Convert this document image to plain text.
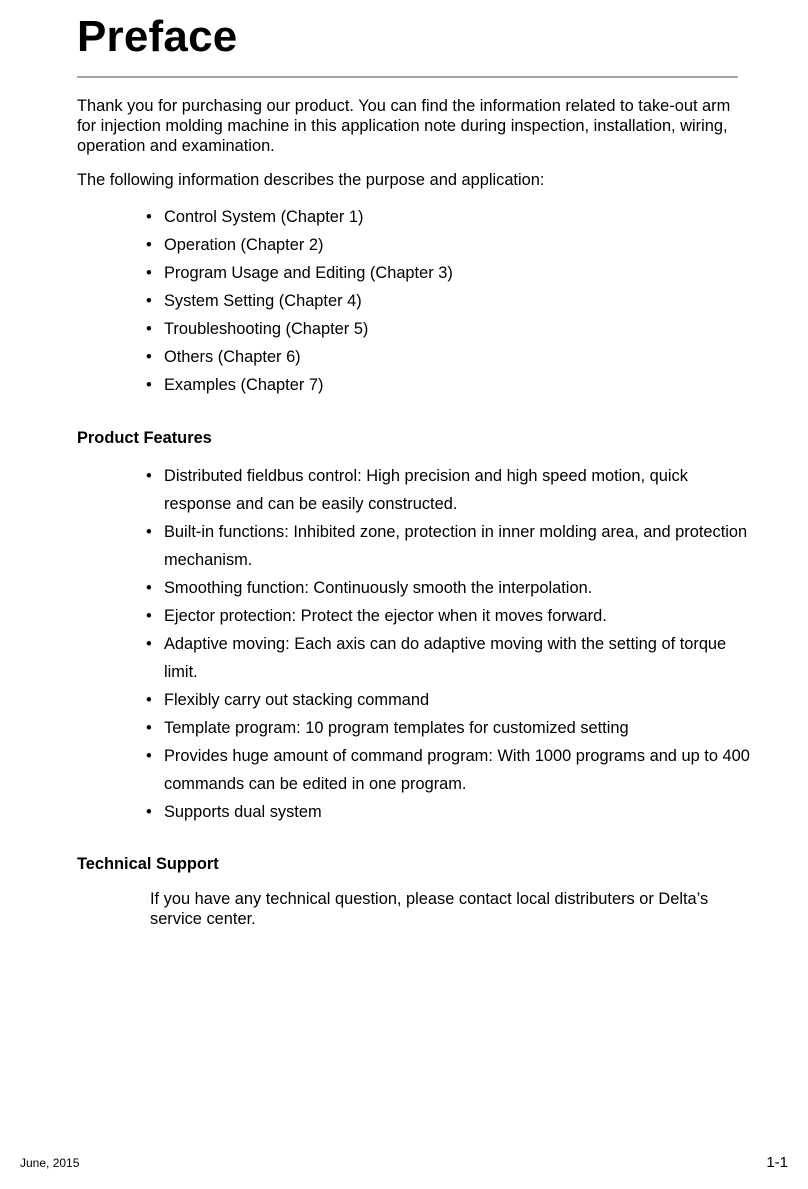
Preface

Thank you for purchasing our product. You can find the information related to take-out arm for injection molding machine in this application note during inspection, installation, wiring, operation and examination.

The following information describes the purpose and application:

• Control System (Chapter 1)
• Operation (Chapter 2)
• Program Usage and Editing (Chapter 3)
• System Setting (Chapter 4)
• Troubleshooting (Chapter 5)
• Others (Chapter 6)
• Examples (Chapter 7)
Product Features
• Distributed fieldbus control: High precision and high speed motion, quick response and can be easily constructed.
• Built-in functions: Inhibited zone, protection in inner molding area, and protection mechanism.
• Smoothing function: Continuously smooth the interpolation.
• Ejector protection: Protect the ejector when it moves forward.
• Adaptive moving: Each axis can do adaptive moving with the setting of torque limit.
• Flexibly carry out stacking command
• Template program: 10 program templates for customized setting
• Provides huge amount of command program: With 1000 programs and up to 400 commands can be edited in one program.
• Supports dual system
Technical Support

If you have any technical question, please contact local distributers or Delta’s service center.

June, 2015	1-1
